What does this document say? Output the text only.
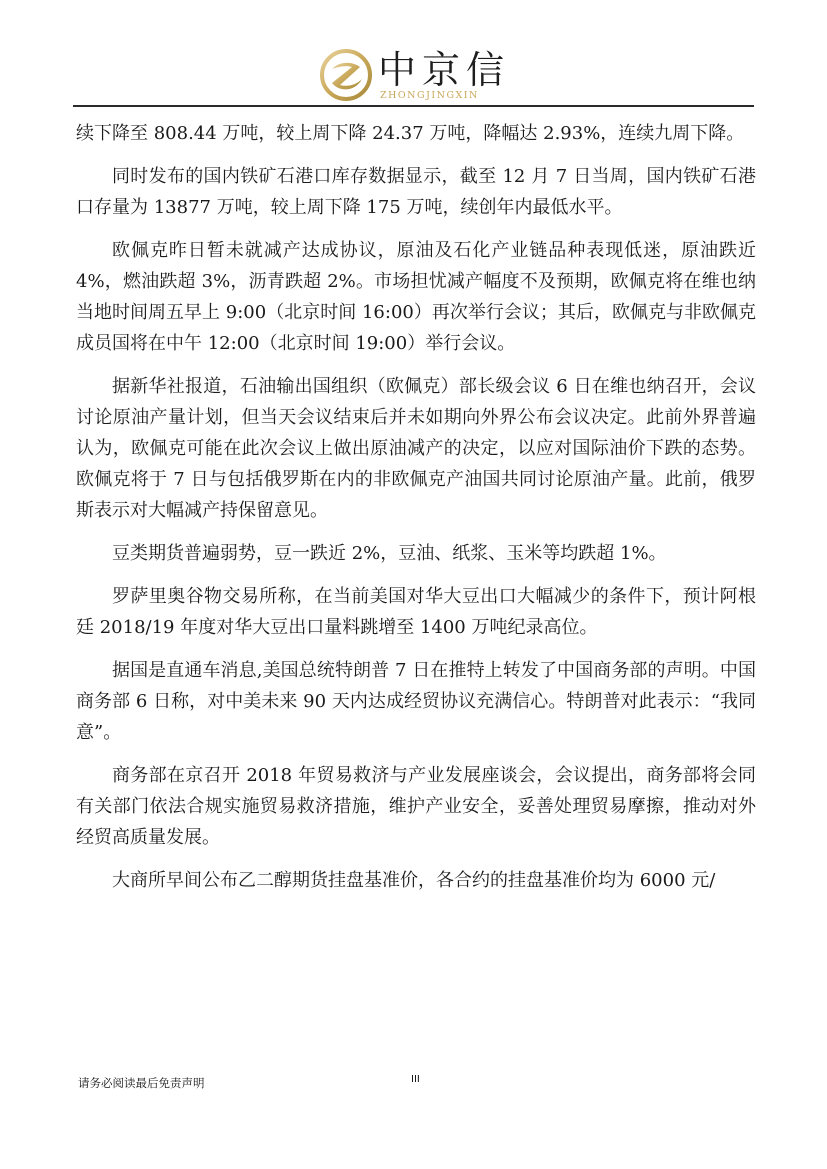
中京信
ZHONGJINGXIN

续下降至 808.44 万吨，较上周下降 24.37 万吨，降幅达 2.93%，连续九周下降。

同时发布的国内铁矿石港口库存数据显示，截至 12 月 7 日当周，国内铁矿石港口存量为 13877 万吨，较上周下降 175 万吨，续创年内最低水平。

欧佩克昨日暂未就减产达成协议，原油及石化产业链品种表现低迷，原油跌近 4%，燃油跌超 3%，沥青跌超 2%。市场担忧减产幅度不及预期，欧佩克将在维也纳当地时间周五早上 9:00（北京时间 16:00）再次举行会议；其后，欧佩克与非欧佩克成员国将在中午 12:00（北京时间 19:00）举行会议。

据新华社报道，石油输出国组织（欧佩克）部长级会议 6 日在维也纳召开，会议讨论原油产量计划，但当天会议结束后并未如期向外界公布会议决定。此前外界普遍认为，欧佩克可能在此次会议上做出原油减产的决定，以应对国际油价下跌的态势。欧佩克将于 7 日与包括俄罗斯在内的非欧佩克产油国共同讨论原油产量。此前，俄罗斯表示对大幅减产持保留意见。

豆类期货普遍弱势，豆一跌近 2%，豆油、纸浆、玉米等均跌超 1%。

罗萨里奥谷物交易所称，在当前美国对华大豆出口大幅减少的条件下，预计阿根廷 2018/19 年度对华大豆出口量料跳增至 1400 万吨纪录高位。

据国是直通车消息,美国总统特朗普 7 日在推特上转发了中国商务部的声明。中国商务部 6 日称，对中美未来 90 天内达成经贸协议充满信心。特朗普对此表示：“我同意”。

商务部在京召开 2018 年贸易救济与产业发展座谈会，会议提出，商务部将会同有关部门依法合规实施贸易救济措施，维护产业安全，妥善处理贸易摩擦，推动对外经贸高质量发展。

大商所早间公布乙二醇期货挂盘基准价，各合约的挂盘基准价均为 6000 元/

请务必阅读最后免责声明	III
